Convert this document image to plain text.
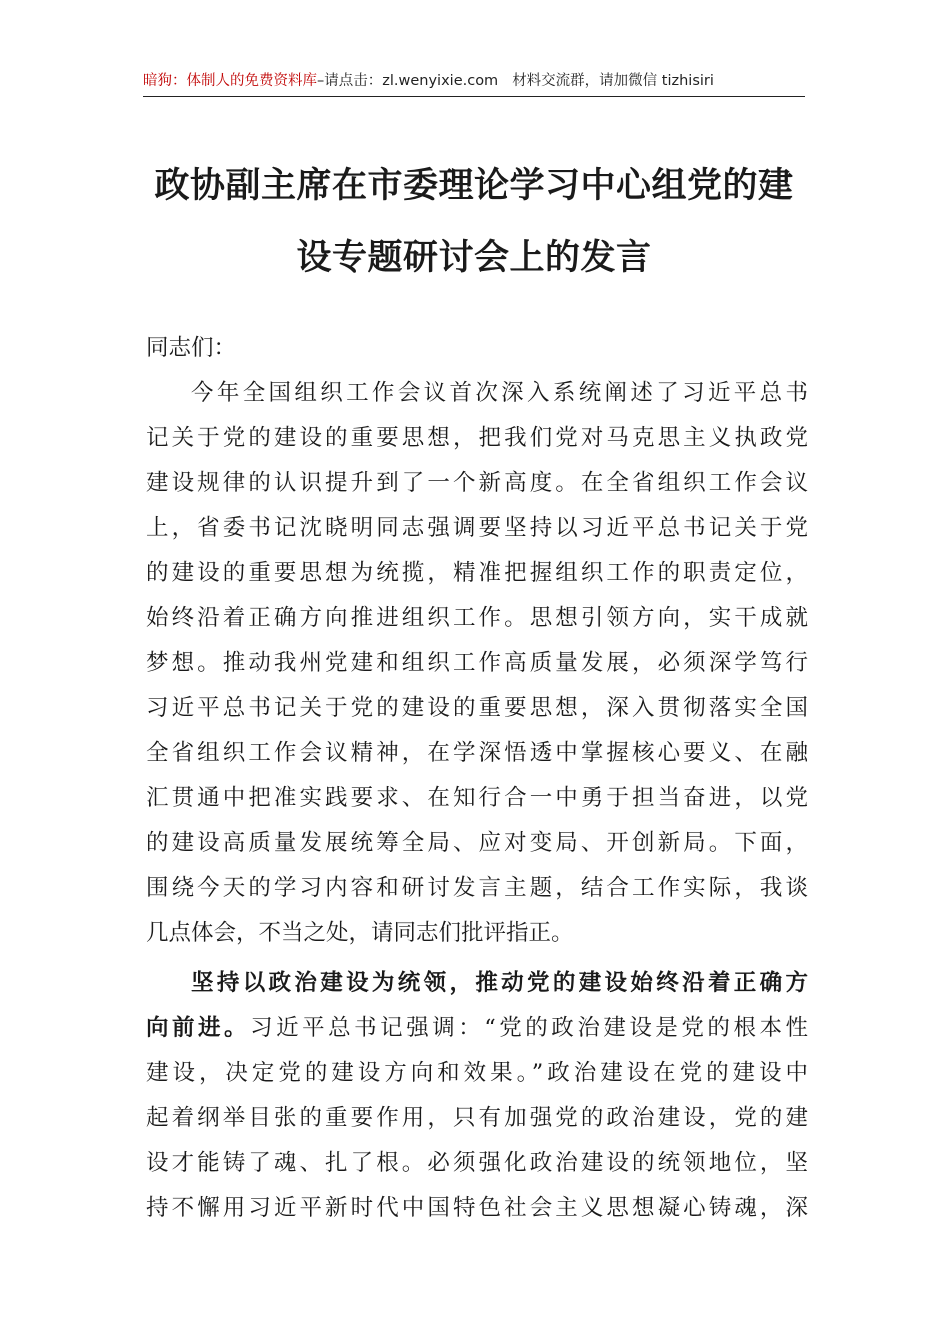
暗狗：体制人的免费资料库–请点击：zl.wenyixie.com 材料交流群，请加微信 tizhisiri
政协副主席在市委理论学习中心组党的建
设专题研讨会上的发言
同志们：
今年全国组织工作会议首次深入系统阐述了习近平总书
记关于党的建设的重要思想，把我们党对马克思主义执政党
建设规律的认识提升到了一个新高度。在全省组织工作会议
上，省委书记沈晓明同志强调要坚持以习近平总书记关于党
的建设的重要思想为统揽，精准把握组织工作的职责定位，
始终沿着正确方向推进组织工作。思想引领方向，实干成就
梦想。推动我州党建和组织工作高质量发展，必须深学笃行
习近平总书记关于党的建设的重要思想，深入贯彻落实全国
全省组织工作会议精神，在学深悟透中掌握核心要义、在融
汇贯通中把准实践要求、在知行合一中勇于担当奋进，以党
的建设高质量发展统筹全局、应对变局、开创新局。下面，
围绕今天的学习内容和研讨发言主题，结合工作实际，我谈
几点体会，不当之处，请同志们批评指正。
坚持以政治建设为统领，推动党的建设始终沿着正确方
向前进。习近平总书记强调：“党的政治建设是党的根本性
建设，决定党的建设方向和效果。”政治建设在党的建设中
起着纲举目张的重要作用，只有加强党的政治建设，党的建
设才能铸了魂、扎了根。必须强化政治建设的统领地位，坚
持不懈用习近平新时代中国特色社会主义思想凝心铸魂，深
